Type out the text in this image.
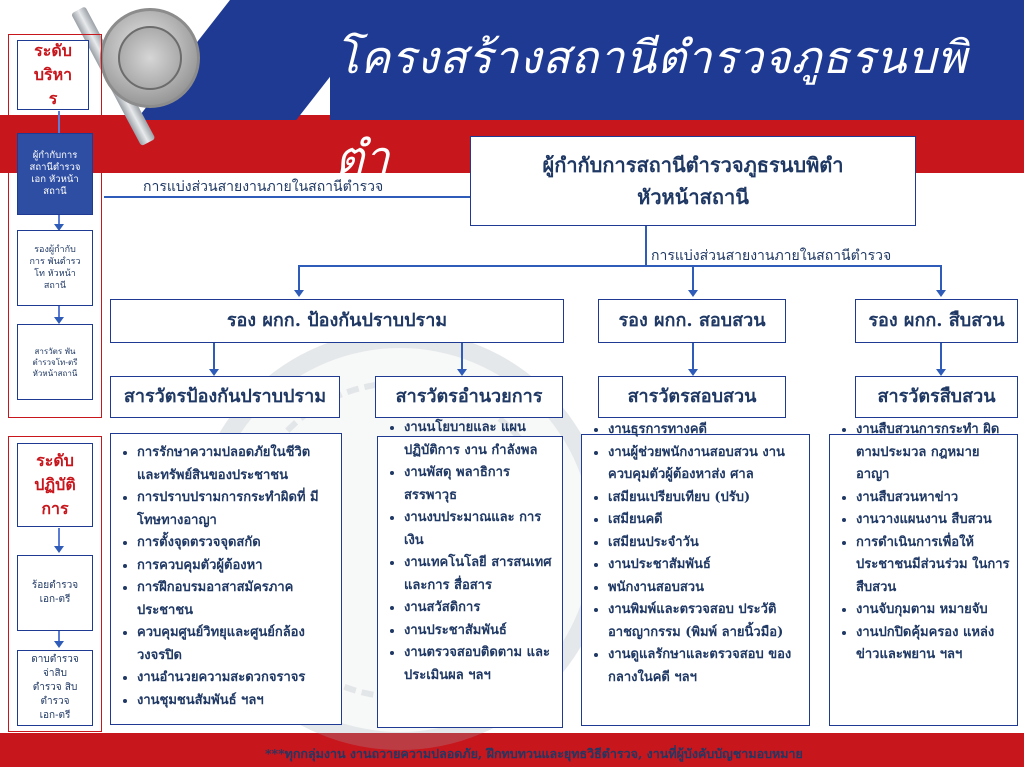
โครงสร้างสถานีตำรวจภูธรนบพิตำ
ระดับ บริหา ร
ผู้กำกับการ สถานีตำรวจ เอก หัวหน้า สถานี
รองผู้กำกับ การ พันตำรว โท หัวหน้า สถานี
สารวัตร พันตำรวจโท-ตรี หัวหน้าสถานี
ระดับ ปฏิบัติ การ
ร้อยตำรวจ เอก-ตรี
ดาบตำรวจ จ่าสิบตำรวจ สิบตำรวจ เอก-ตรี
ผู้กำกับการสถานีตำรวจภูธรนบพิตำ
หัวหน้าสถานี
การแบ่งส่วนสายงานภายในสถานีตำรวจ
การแบ่งส่วนสายงานภายในสถานีตำรวจ
รอง ผกก. ป้องกันปราบปราม	รอง ผกก. สอบสวน	รอง ผกก. สืบสวน
สารวัตรป้องกันปราบปราม	สารวัตรอำนวยการ	สารวัตรสอบสวน	สารวัตรสืบสวน
• การรักษาความปลอดภัยในชีวิต และทรัพย์สินของประชาชน
• การปราบปรามการกระทำผิดที่ มีโทษทางอาญา
• การตั้งจุดตรวจจุดสกัด
• การควบคุมตัวผู้ต้องหา
• การฝึกอบรมอาสาสมัครภาค ประชาชน
• ควบคุมศูนย์วิทยุและศูนย์กล้อง วงจรปิด
• งานอำนวยความสะดวกจราจร
• งานชุมชนสัมพันธ์ ฯลฯ
• งานนโยบายและ แผนปฏิบัติการ งาน กำลังพล
• งานพัสดุ พลาธิการ สรรพาวุธ
• งานงบประมาณและ การเงิน
• งานเทคโนโลยี สารสนเทศและการ สื่อสาร
• งานสวัสดิการ
• งานประชาสัมพันธ์
• งานตรวจสอบติดตาม และประเมินผล ฯลฯ
• งานธุรการทางคดี
• งานผู้ช่วยพนักงานสอบสวน งานควบคุมตัวผู้ต้องหาส่ง ศาล
• เสมียนเปรียบเทียบ (ปรับ)
• เสมียนคดี
• เสมียนประจำวัน
• งานประชาสัมพันธ์
• พนักงานสอบสวน
• งานพิมพ์และตรวจสอบ ประวัติอาชญากรรม (พิมพ์ ลายนิ้วมือ)
• งานดูแลรักษาและตรวจสอบ ของกลางในคดี ฯลฯ
• งานสืบสวนการกระทำ ผิดตามประมวล กฎหมายอาญา
• งานสืบสวนหาข่าว
• งานวางแผนงาน สืบสวน
• การดำเนินการเพื่อให้ ประชาชนมีส่วนร่วม ในการสืบสวน
• งานจับกุมตาม หมายจับ
• งานปกปิดคุ้มครอง แหล่งข่าวและพยาน ฯลฯ
***ทุกกลุ่มงาน งานถวายความปลอดภัย, ฝึกทบทวนและยุทธวิธีตำรวจ, งานที่ผู้บังคับบัญชามอบหมาย
